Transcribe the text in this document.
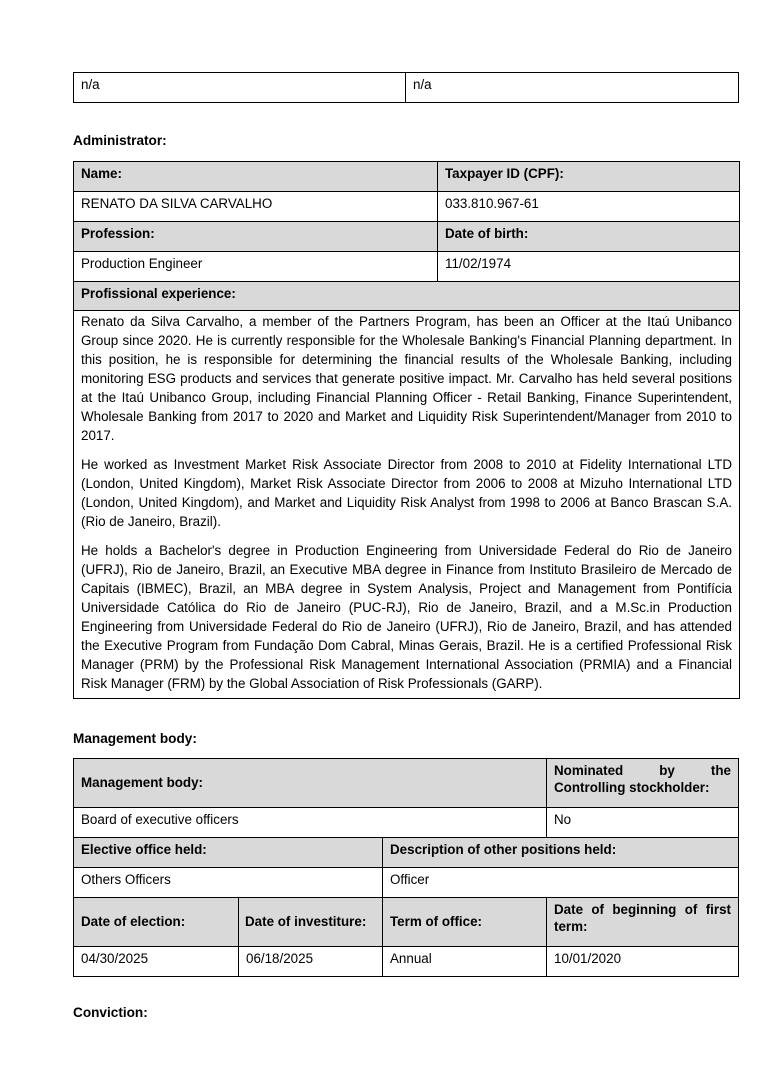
n/a	n/a
Administrator:
Name:	Taxpayer ID (CPF):
RENATO DA SILVA CARVALHO	033.810.967-61
Profession:	Date of birth:
Production Engineer	11/02/1974
Profissional experience:	

Renato da Silva Carvalho, a member of the Partners Program, has been an Officer at the Itaú Unibanco Group since 2020. He is currently responsible for the Wholesale Banking's Financial Planning department. In this position, he is responsible for determining the financial results of the Wholesale Banking, including monitoring ESG products and services that generate positive impact. Mr. Carvalho has held several positions at the Itaú Unibanco Group, including Financial Planning Officer - Retail Banking, Finance Superintendent, Wholesale Banking from 2017 to 2020 and Market and Liquidity Risk Superintendent/Manager from 2010 to 2017.

He worked as Investment Market Risk Associate Director from 2008 to 2010 at Fidelity International LTD (London, United Kingdom), Market Risk Associate Director from 2006 to 2008 at Mizuho International LTD (London, United Kingdom), and Market and Liquidity Risk Analyst from 1998 to 2006 at Banco Brascan S.A. (Rio de Janeiro, Brazil).

He holds a Bachelor's degree in Production Engineering from Universidade Federal do Rio de Janeiro (UFRJ), Rio de Janeiro, Brazil, an Executive MBA degree in Finance from Instituto Brasileiro de Mercado de Capitais (IBMEC), Brazil, an MBA degree in System Analysis, Project and Management from Pontifícia Universidade Católica do Rio de Janeiro (PUC-RJ), Rio de Janeiro, Brazil, and a M.Sc.in Production Engineering from Universidade Federal do Rio de Janeiro (UFRJ), Rio de Janeiro, Brazil, and has attended the Executive Program from Fundação Dom Cabral, Minas Gerais, Brazil. He is a certified Professional Risk Manager (PRM) by the Professional Risk Management International Association (PRMIA) and a Financial Risk Manager (FRM) by the Global Association of Risk Professionals (GARP).	

Management body:
Management body:			Nominated by the
Controlling stockholder:

Board of executive officers			No
Elective office held:		Description of other positions held:	
Others Officers		Officer	
Date of election:	Date of investiture:	Term of office:	Date of beginning of first term:
04/30/2025	06/18/2025	Annual	10/01/2020
Conviction:
